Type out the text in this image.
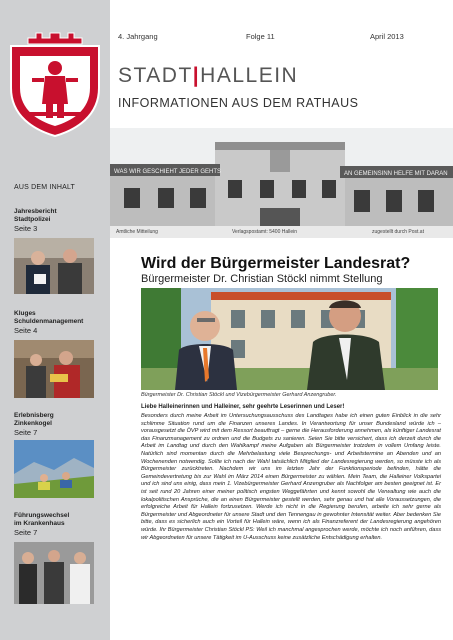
AUS DEM INHALT
Jahresbericht
Stadtpolizei
Seite 3
Kluges
Schuldenmanagement
Seite 4
Erlebnisberg
Zinkenkogel
Seite 7
Führungswechsel
im Krankenhaus
Seite 7
4. Jahrgang	Folge 11	April 2013
STADT|HALLEIN
INFORMATIONEN AUS DEM RATHAUS
WAS WIR GESCHIEHT JEDER GEHTS	AN GEMEINSINN HELFE MIT DARAN
Amtliche Mitteilung	Verlagspostamt: 5400 Hallein	zugestellt durch Post.at
Wird der Bürgermeister Landesrat?
Bürgermeister Dr. Christian Stöckl nimmt Stellung
Bürgermeister Dr. Christian Stöckl und Vizebürgermeister Gerhard Anzengruber.
Liebe Halleinerinnen und Halleiner, sehr geehrte Leserinnen und Leser!
Besonders durch meine Arbeit im Untersuchungsausschuss des Landtages habe ich einen guten Einblick in die sehr schlimme Situation rund um die Finanzen unseres Landes. In Verantwortung für unser Bundesland würde ich – vorausgesetzt die ÖVP wird mit dem Ressort beauftragt – gerne die Herausforderung annehmen, als künftiger Landesrat das Finanzmanagement zu ordnen und die Budgets zu sanieren. Seien Sie bitte versichert, dass ich derzeit durch die Arbeit im Landtag und durch den Wahlkampf meine Aufgaben als Bürgermeister trotzdem in vollem Umfang leiste. Natürlich sind momentan durch die Mehrbelastung viele Besprechungs- und Arbeitstermine an Abenden und an Wochenenden notwendig. Sollte ich nach der Wahl tatsächlich Mitglied der Landesregierung werden, so müsste ich als Bürgermeister zurücktreten. Nachdem wir uns im letzten Jahr der Funktionsperiode befinden, hätte die Gemeindevertretung bis zur Wahl im März 2014 einen Bürgermeister zu wählen. Mein Team, die Halleiner Volkspartei und ich sind uns einig, dass mein 1. Vizebürgermeister Gerhard Anzengruber als Nachfolger am besten geeignet ist. Er ist seit rund 20 Jahren einer meiner politisch engsten Weggefährten und kennt sowohl die Verwaltung wie auch die lokalpolitischen Ansprüche, die an einen Bürgermeister gestellt werden, sehr genau und hat alle Voraussetzungen, die erfolgreiche Arbeit für Hallein fortzusetzen. Werde ich nicht in die Regierung berufen, arbeite ich sehr gerne als Bürgermeister und Abgeordneter für unsere Stadt und den Tennengau in gewohnter Intensität weiter. Aber bedenken Sie bitte, dass es sicherlich auch ein Vorteil für Hallein wäre, wenn ich als Finanzreferent der Landesregierung angehören würde. Ihr Bürgermeister Christian Stöckl PS: Weil ich manchmal angesprochen werde, möchte ich noch anführen, dass wir Abgeordneten für unsere Tätigkeit im U-Ausschuss keine zusätzliche Entschädigung erhalten.
